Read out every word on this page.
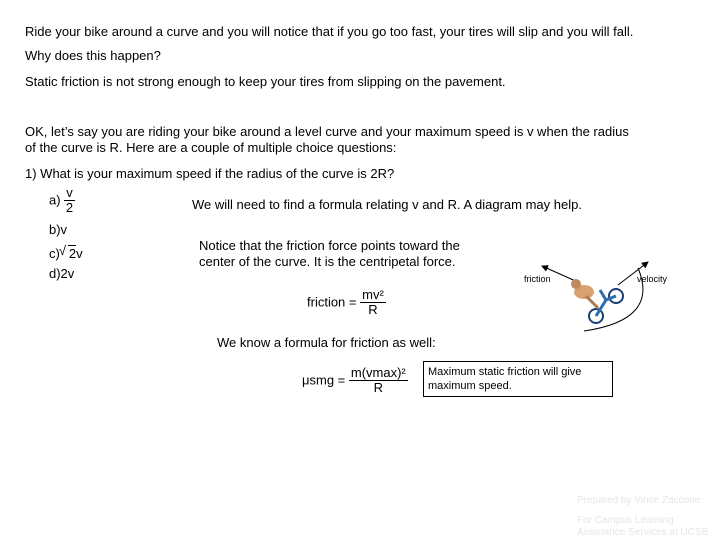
Ride your bike around a curve and you will notice that if you go too fast, your tires will slip and you will fall.
Why does this happen?
Static friction is not strong enough to keep your tires from slipping on the pavement.
OK, let’s say you are riding your bike around a level curve and your maximum speed is v when the radius
of the curve is R. Here are a couple of multiple choice questions:
1) What is your maximum speed if the radius of the curve is 2R?
$a) \frac{v}{2}$
b)v
c)√ 2v
d)2v
We will need to find a formula relating v and R. A diagram may help.
Notice that the friction force points toward the
center of the curve. It is the centripetal force.
friction	velocity
friction = $\frac{\text{mv²}}{R}$
We know a formula for friction as well:
$\mu smg = \frac{\text{m(vmax)²}}{R}$	Maximum static friction will give maximum speed.
Prepared by Vince Zaccone
For Campus Learning
Assistance Services at UCSB
